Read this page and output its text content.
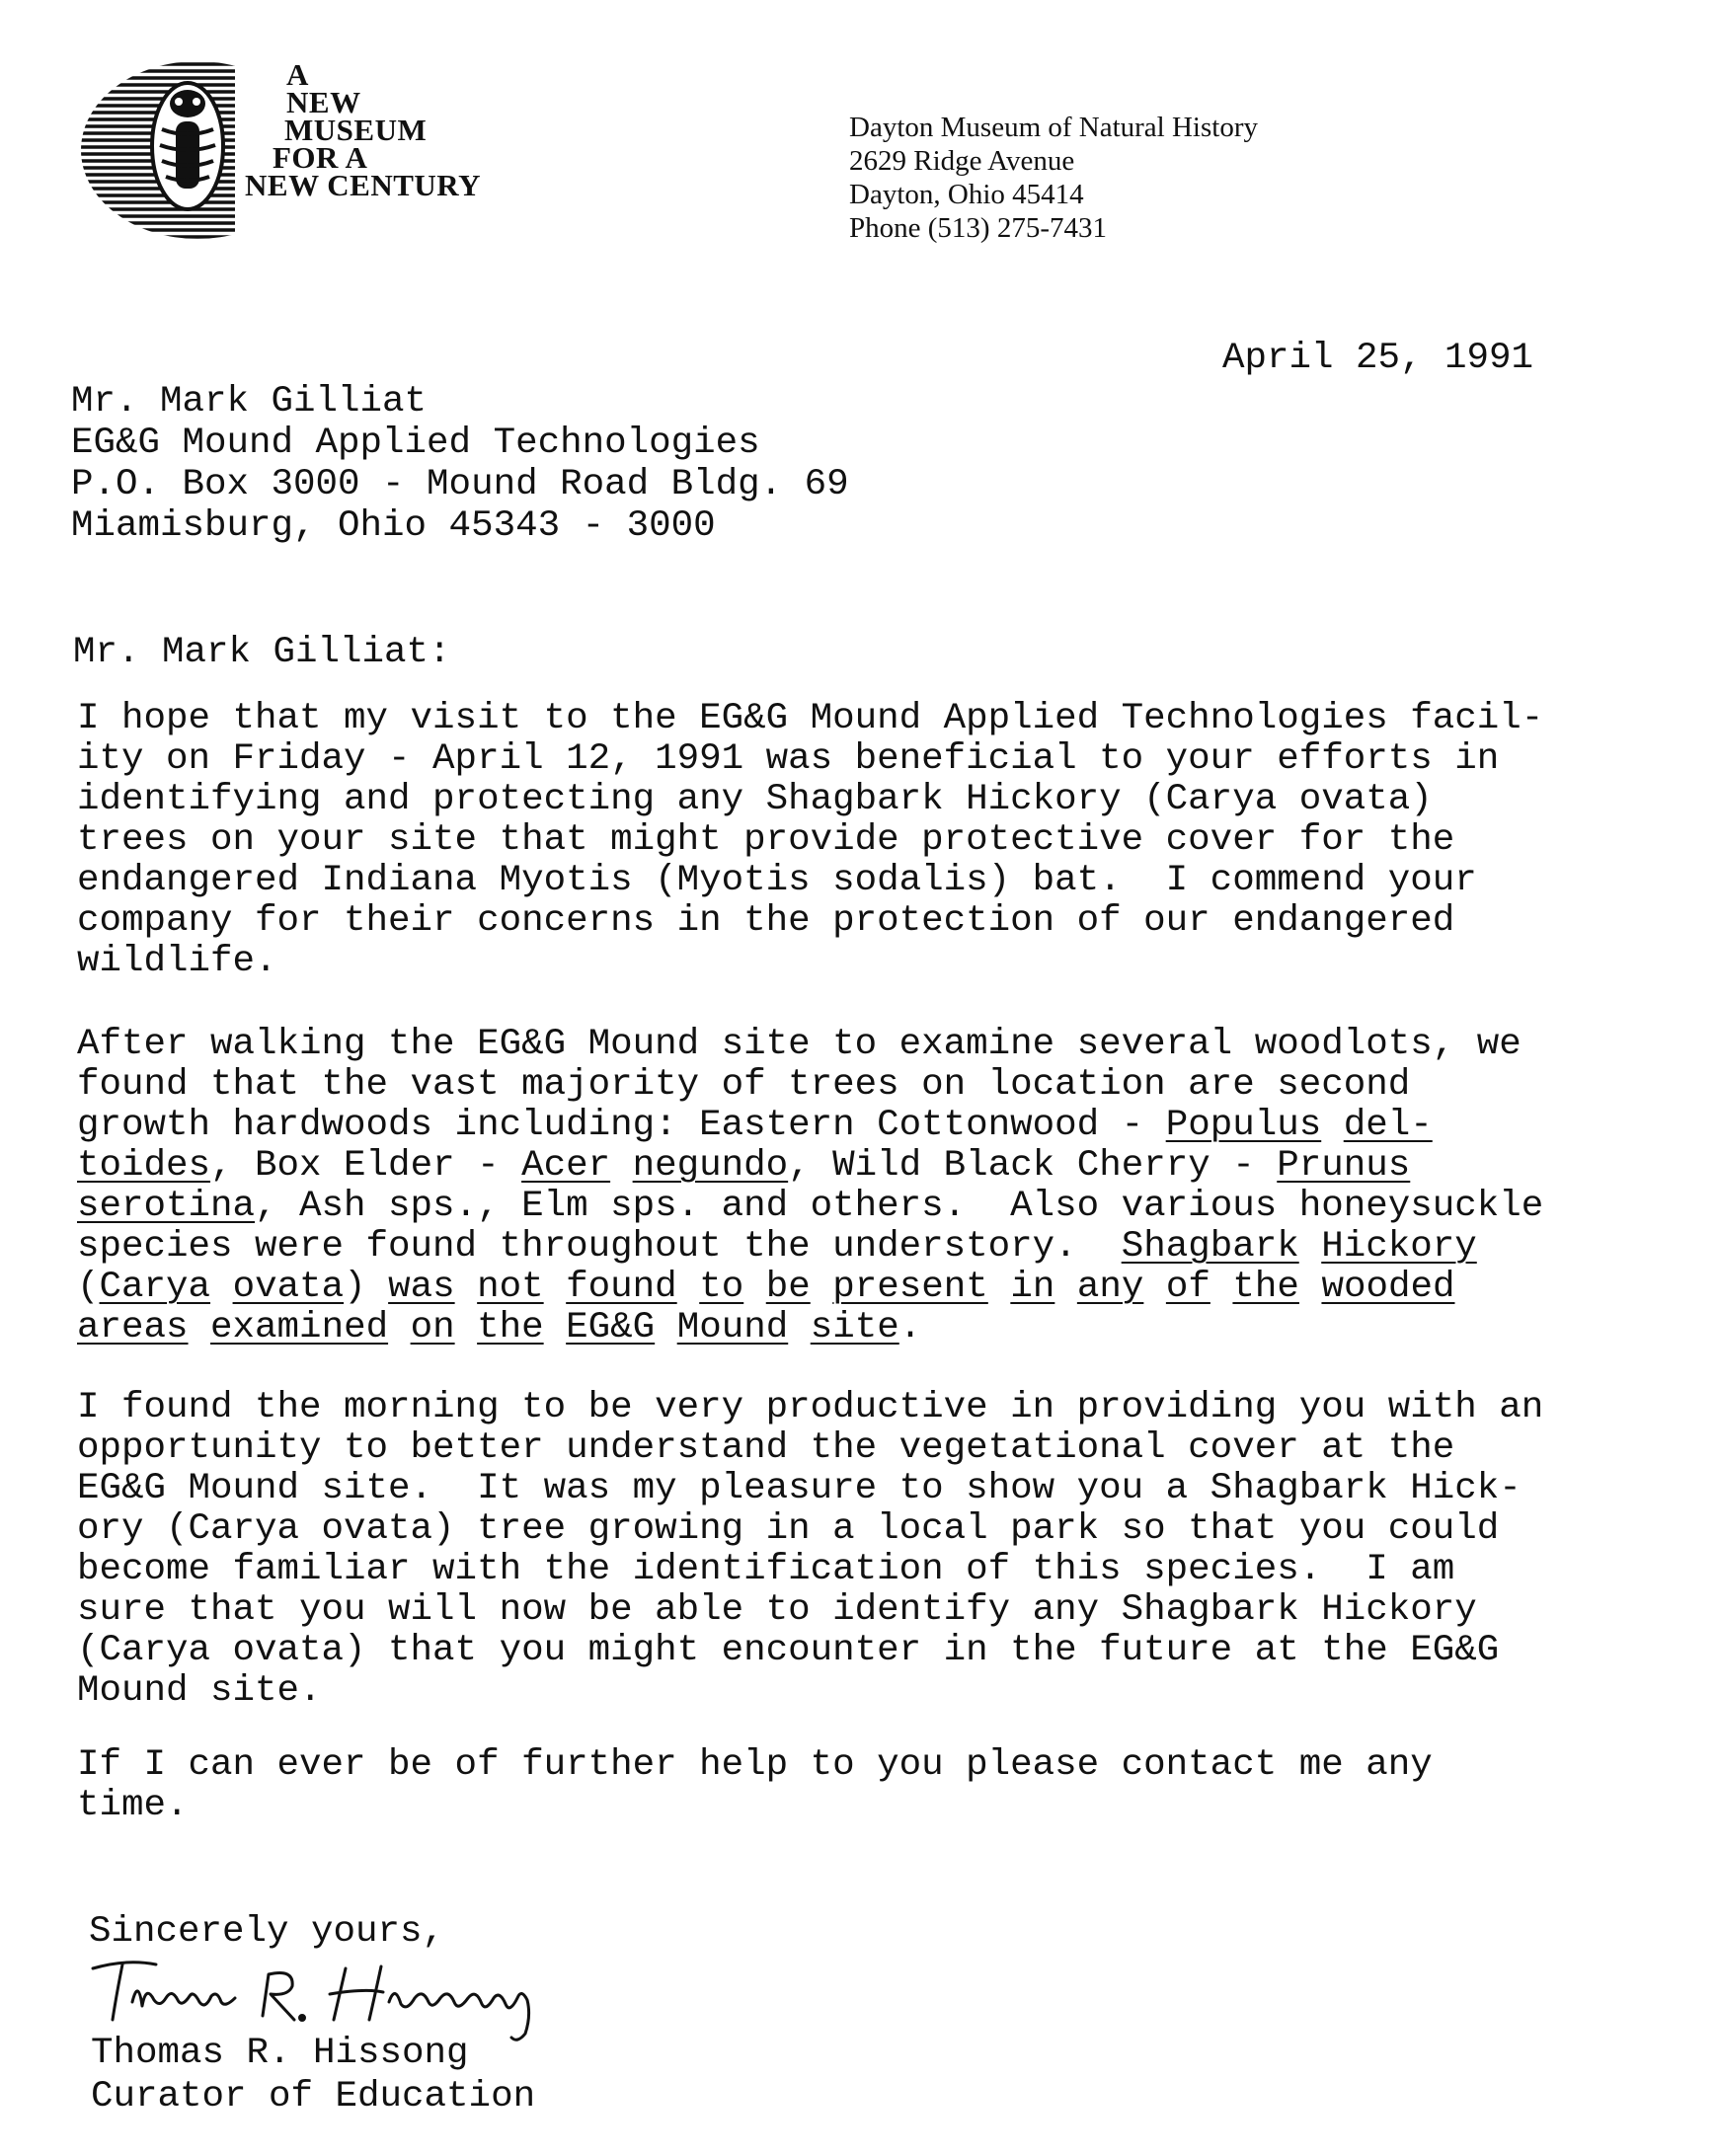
A
NEW
MUSEUM
FOR A
NEW CENTURY
Dayton Museum of Natural History
2629 Ridge Avenue
Dayton, Ohio 45414
Phone (513) 275-7431
April 25, 1991
Mr. Mark Gilliat
EG&G Mound Applied Technologies
P.O. Box 3000 - Mound Road Bldg. 69
Miamisburg, Ohio 45343 - 3000
Mr. Mark Gilliat:
I hope that my visit to the EG&G Mound Applied Technologies facil-
ity on Friday - April 12, 1991 was beneficial to your efforts in
identifying and protecting any Shagbark Hickory (Carya ovata)
trees on your site that might provide protective cover for the
endangered Indiana Myotis (Myotis sodalis) bat.  I commend your
company for their concerns in the protection of our endangered
wildlife.
After walking the EG&G Mound site to examine several woodlots, we
found that the vast majority of trees on location are second
growth hardwoods including: Eastern Cottonwood - Populus del-
toides, Box Elder - Acer negundo, Wild Black Cherry - Prunus
serotina, Ash sps., Elm sps. and others.  Also various honeysuckle
species were found throughout the understory.  Shagbark Hickory
(Carya ovata) was not found to be present in any of the wooded
areas examined on the EG&G Mound site.
I found the morning to be very productive in providing you with an
opportunity to better understand the vegetational cover at the
EG&G Mound site.  It was my pleasure to show you a Shagbark Hick-
ory (Carya ovata) tree growing in a local park so that you could
become familiar with the identification of this species.  I am
sure that you will now be able to identify any Shagbark Hickory
(Carya ovata) that you might encounter in the future at the EG&G
Mound site.
If I can ever be of further help to you please contact me any
time.
Sincerely yours,
Thomas R. Hissong
Curator of Education
